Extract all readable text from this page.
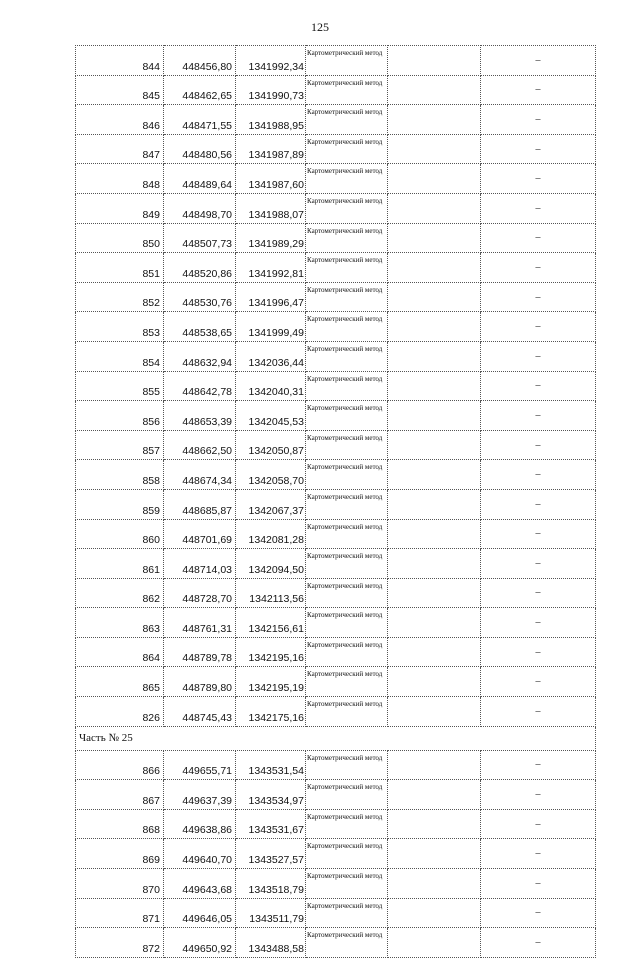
125
844	448456,80	1341992,34	Картометрический метод		–
845	448462,65	1341990,73	Картометрический метод		–
846	448471,55	1341988,95	Картометрический метод		–
847	448480,56	1341987,89	Картометрический метод		–
848	448489,64	1341987,60	Картометрический метод		–
849	448498,70	1341988,07	Картометрический метод		–
850	448507,73	1341989,29	Картометрический метод		–
851	448520,86	1341992,81	Картометрический метод		–
852	448530,76	1341996,47	Картометрический метод		–
853	448538,65	1341999,49	Картометрический метод		–
854	448632,94	1342036,44	Картометрический метод		–
855	448642,78	1342040,31	Картометрический метод		–
856	448653,39	1342045,53	Картометрический метод		–
857	448662,50	1342050,87	Картометрический метод		–
858	448674,34	1342058,70	Картометрический метод		–
859	448685,87	1342067,37	Картометрический метод		–
860	448701,69	1342081,28	Картометрический метод		–
861	448714,03	1342094,50	Картометрический метод		–
862	448728,70	1342113,56	Картометрический метод		–
863	448761,31	1342156,61	Картометрический метод		–
864	448789,78	1342195,16	Картометрический метод		–
865	448789,80	1342195,19	Картометрический метод		–
826	448745,43	1342175,16	Картометрический метод		–
Часть № 25					
866	449655,71	1343531,54	Картометрический метод		–
867	449637,39	1343534,97	Картометрический метод		–
868	449638,86	1343531,67	Картометрический метод		–
869	449640,70	1343527,57	Картометрический метод		–
870	449643,68	1343518,79	Картометрический метод		–
871	449646,05	1343511,79	Картометрический метод		–
872	449650,92	1343488,58	Картометрический метод		–
